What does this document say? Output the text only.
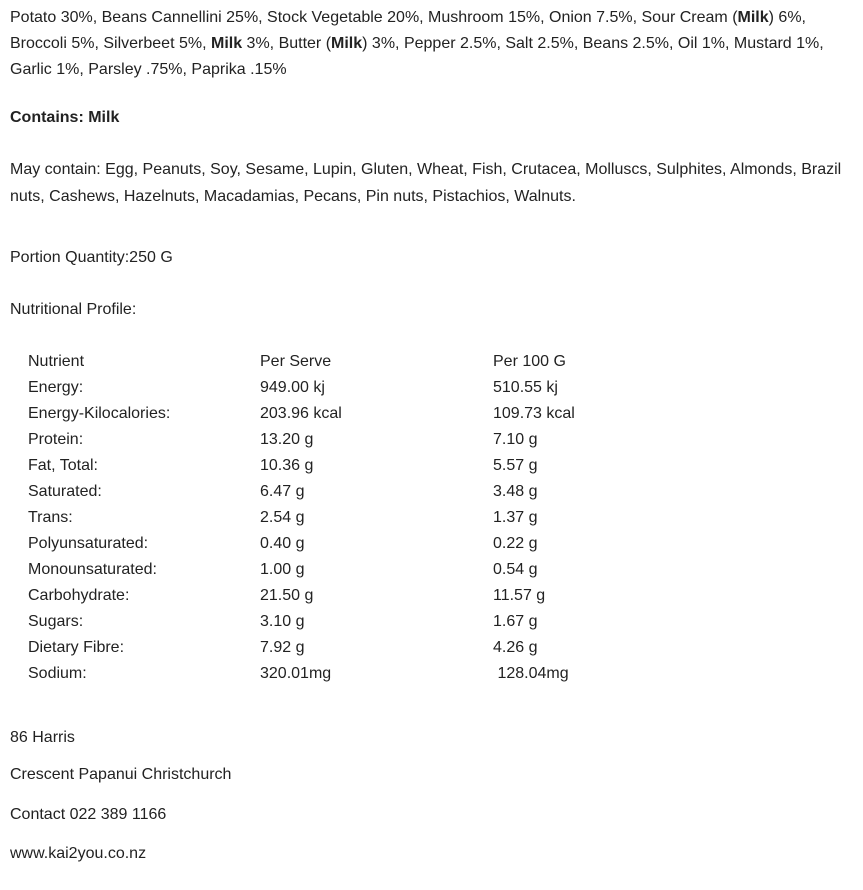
Potato 30%, Beans Cannellini 25%, Stock Vegetable 20%, Mushroom 15%, Onion 7.5%, Sour Cream (Milk) 6%, Broccoli 5%, Silverbeet 5%, Milk 3%, Butter (Milk) 3%, Pepper 2.5%, Salt 2.5%, Beans 2.5%, Oil 1%, Mustard 1%, Garlic 1%, Parsley .75%, Paprika .15%

Contains: Milk
May contain: Egg, Peanuts, Soy, Sesame, Lupin, Gluten, Wheat, Fish, Crutacea, Molluscs, Sulphites, Almonds, Brazil nuts, Cashews, Hazelnuts, Macadamias, Pecans, Pin nuts, Pistachios, Walnuts.
Portion Quantity:250 G
Nutritional Profile:
Nutrient	Per Serve	Per 100 G
Energy:	949.00 kj	510.55 kj
Energy-Kilocalories:	203.96 kcal	109.73 kcal
Protein:	13.20 g	7.10 g
Fat, Total:	10.36 g	5.57 g
Saturated:	6.47 g	3.48 g
Trans:	2.54 g	1.37 g
Polyunsaturated:	0.40 g	0.22 g
Monounsaturated:	1.00 g	0.54 g
Carbohydrate:	21.50 g	11.57 g
Sugars:	3.10 g	1.67 g
Dietary Fibre:	7.92 g	4.26 g
Sodium:	320.01mg	128.04mg
86 Harris
Crescent Papanui Christchurch
Contact 022 389 1166
www.kai2you.co.nz
